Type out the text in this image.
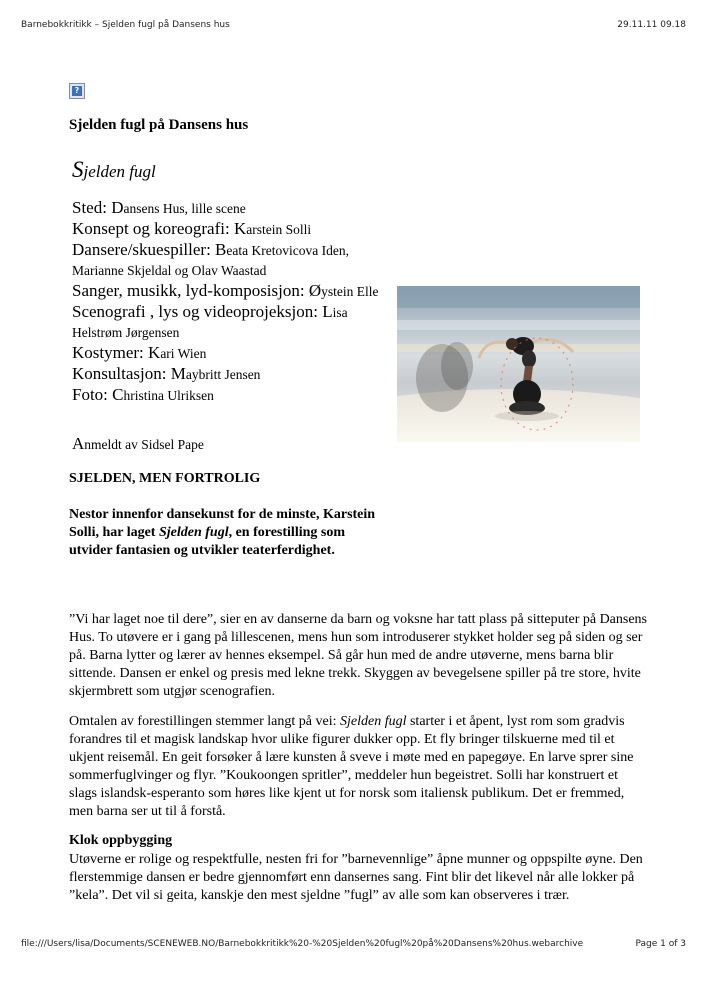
Barnebokkritikk – Sjelden fugl på Dansens hus	29.11.11 09.18
?
Sjelden fugl på Dansens hus
Sjelden fugl
Sted: Dansens Hus, lille scene
Konsept og koreografi: Karstein Solli
Dansere/skuespiller: Beata Kretovicova Iden, Marianne Skjeldal og Olav Waastad
Sanger, musikk, lyd-komposisjon: Øystein Elle
Scenografi , lys og videoprojeksjon: Lisa Helstrøm Jørgensen
Kostymer: Kari Wien
Konsultasjon: Maybritt Jensen
Foto: Christina Ulriksen
Anmeldt av Sidsel Pape
SJELDEN, MEN FORTROLIG
Nestor innenfor dansekunst for de minste, Karstein Solli, har laget Sjelden fugl, en forestilling som utvider fantasien og utvikler teaterferdighet.
”Vi har laget noe til dere”, sier en av danserne da barn og voksne har tatt plass på sitteputer på Dansens Hus. To utøvere er i gang på lillescenen, mens hun som introduserer stykket holder seg på siden og ser på. Barna lytter og lærer av hennes eksempel. Så går hun med de andre utøverne, mens barna blir sittende. Dansen er enkel og presis med lekne trekk. Skyggen av bevegelsene spiller på tre store, hvite skjermbrett som utgjør scenografien.
Omtalen av forestillingen stemmer langt på vei: Sjelden fugl starter i et åpent, lyst rom som gradvis forandres til et magisk landskap hvor ulike figurer dukker opp. Et fly bringer tilskuerne med til et ukjent reisemål. En geit forsøker å lære kunsten å sveve i møte med en papegøye. En larve sprer sine sommerfuglvinger og flyr. ”Koukoongen spritler”, meddeler hun begeistret. Solli har konstruert et slags islandsk-esperanto som høres like kjent ut for norsk som italiensk publikum. Det er fremmed, men barna ser ut til å forstå.
Klok oppbygging
Utøverne er rolige og respektfulle, nesten fri for ”barnevennlige” åpne munner og oppspilte øyne. Den flerstemmige dansen er bedre gjennomført enn dansernes sang. Fint blir det likevel når alle lokker på ”kela”. Det vil si geita, kanskje den mest sjeldne ”fugl” av alle som kan observeres i trær.
file:///Users/lisa/Documents/SCENEWEB.NO/Barnebokkritikk%20-%20Sjelden%20fugl%20på%20Dansens%20hus.webarchive	Page 1 of 3
